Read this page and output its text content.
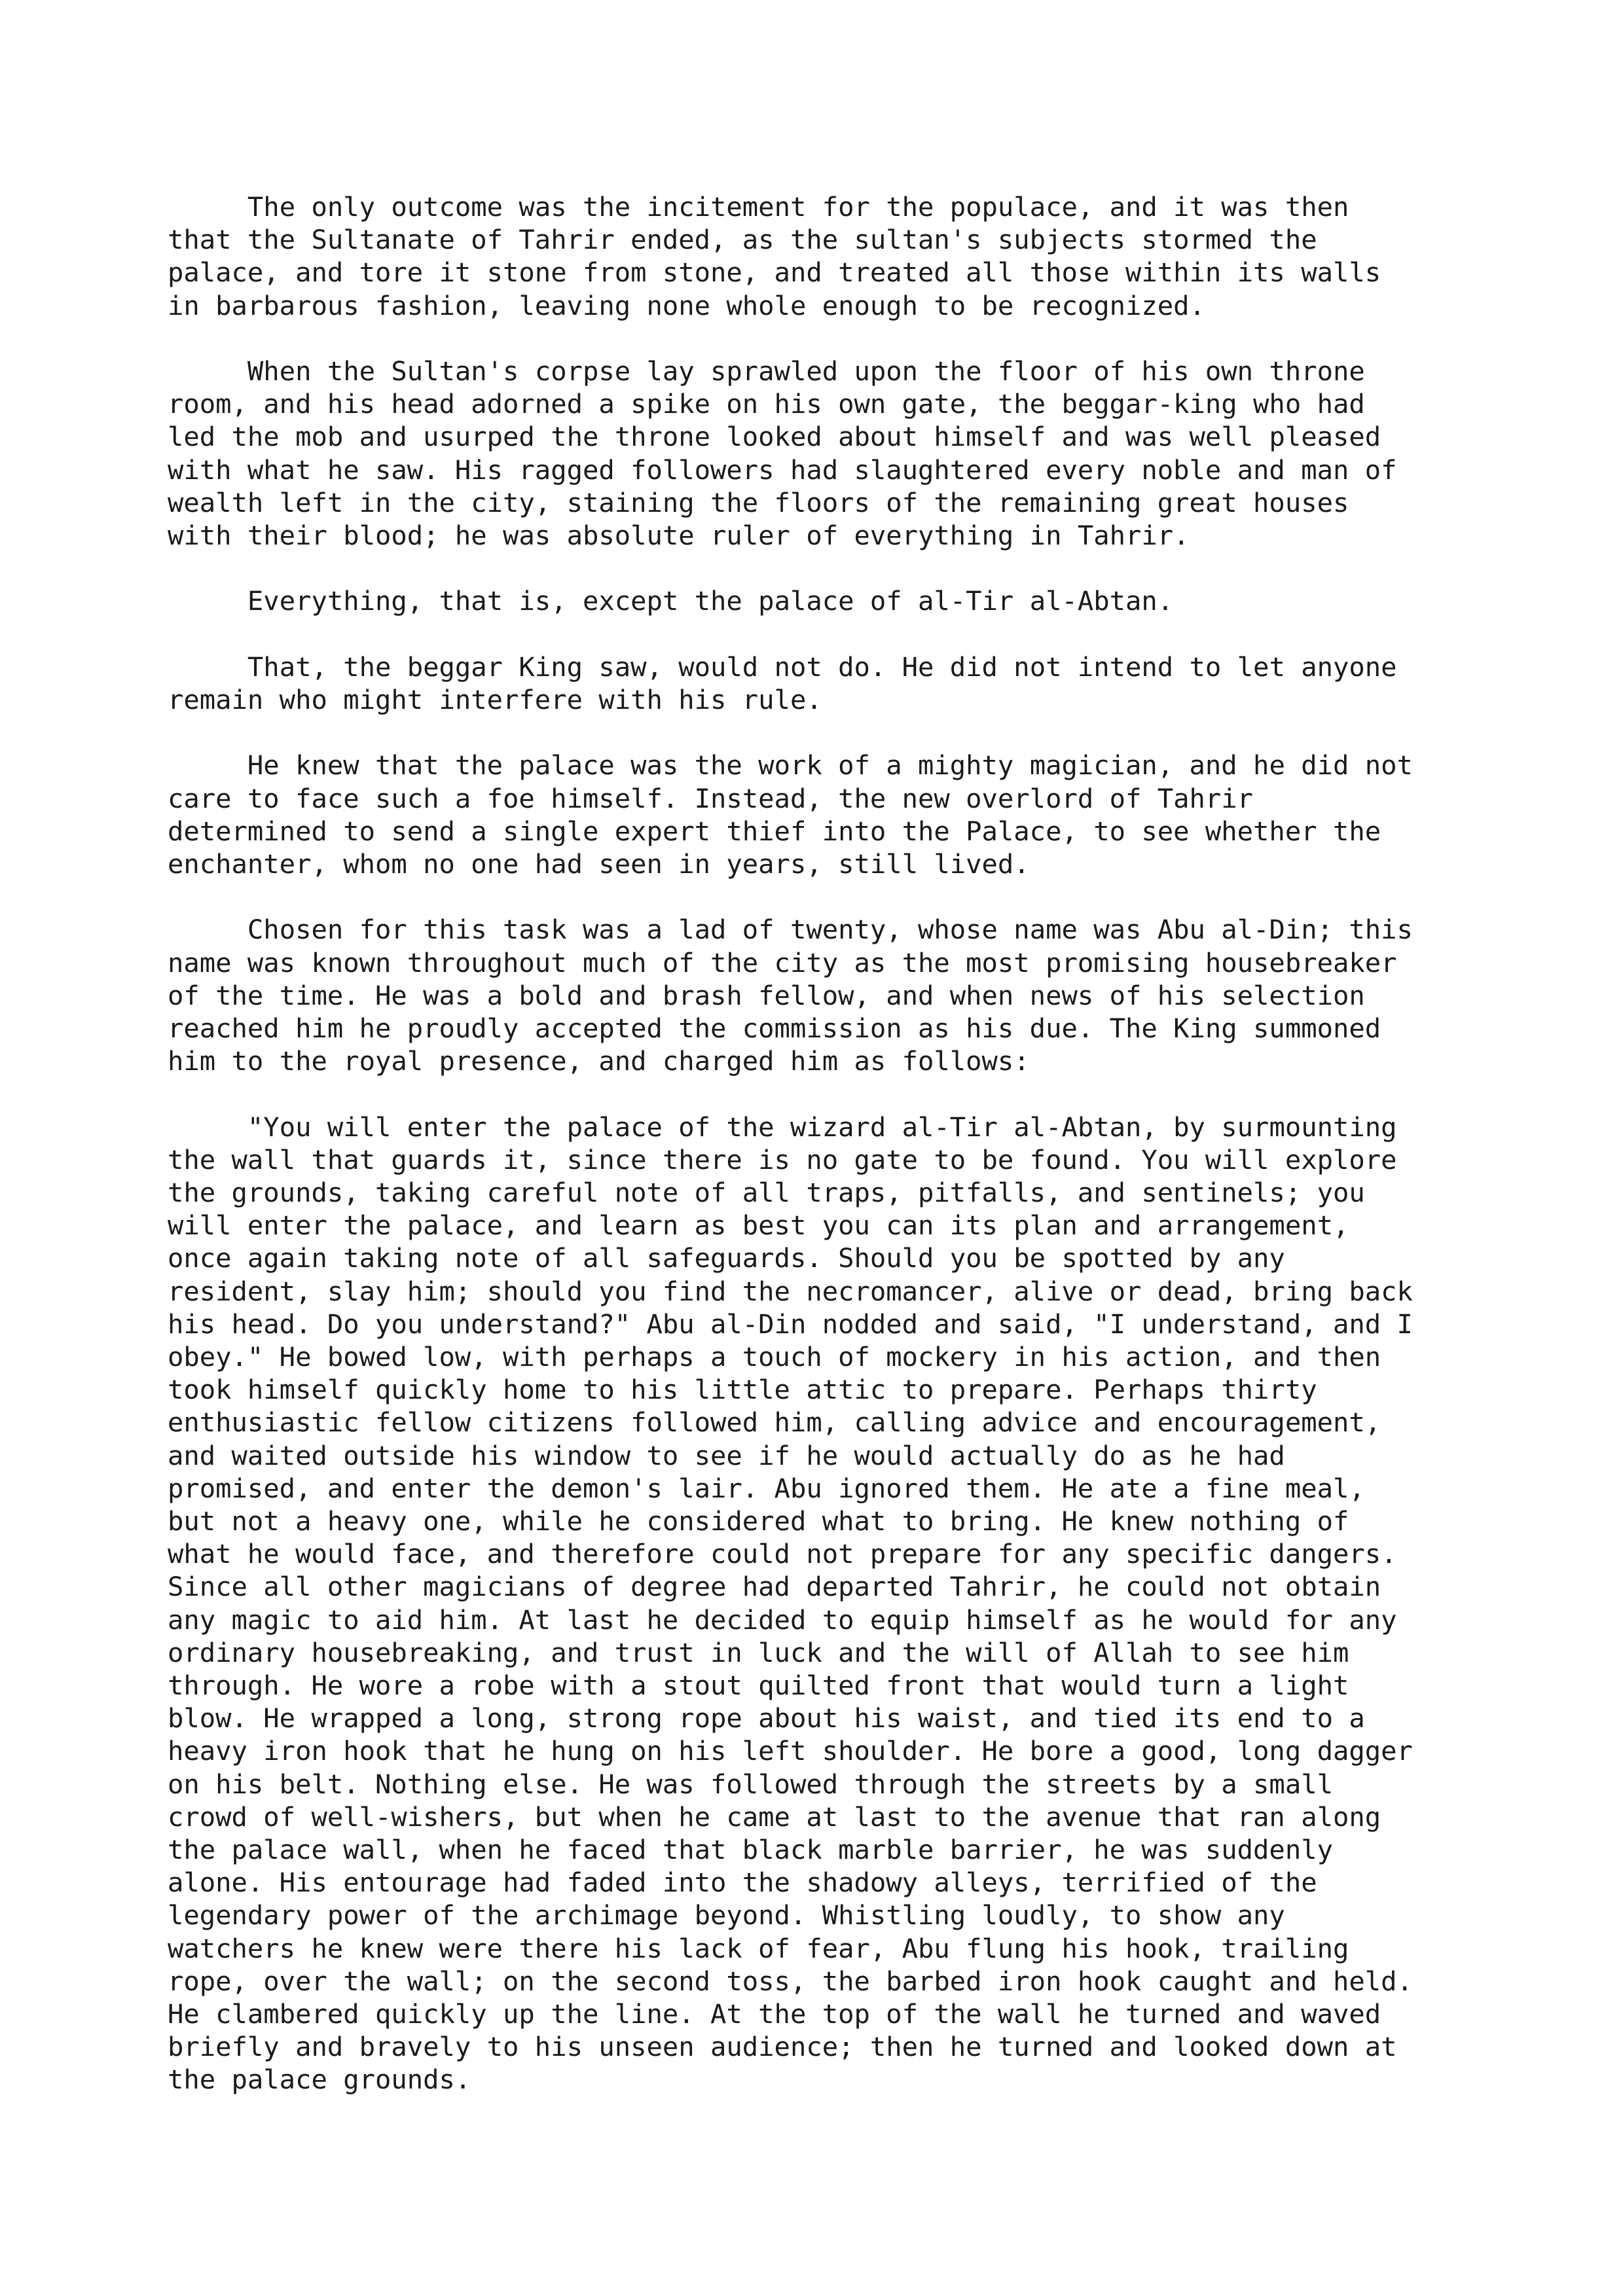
The only outcome was the incitement for the populace, and it was then
that the Sultanate of Tahrir ended, as the sultan's subjects stormed the
palace, and tore it stone from stone, and treated all those within its walls
in barbarous fashion, leaving none whole enough to be recognized.

When the Sultan's corpse lay sprawled upon the floor of his own throne
room, and his head adorned a spike on his own gate, the beggar-king who had
led the mob and usurped the throne looked about himself and was well pleased
with what he saw. His ragged followers had slaughtered every noble and man of
wealth left in the city, staining the floors of the remaining great houses
with their blood; he was absolute ruler of everything in Tahrir.

Everything, that is, except the palace of al-Tir al-Abtan.

That, the beggar King saw, would not do. He did not intend to let anyone
remain who might interfere with his rule.

He knew that the palace was the work of a mighty magician, and he did not
care to face such a foe himself. Instead, the new overlord of Tahrir
determined to send a single expert thief into the Palace, to see whether the
enchanter, whom no one had seen in years, still lived.

Chosen for this task was a lad of twenty, whose name was Abu al-Din; this
name was known throughout much of the city as the most promising housebreaker
of the time. He was a bold and brash fellow, and when news of his selection
reached him he proudly accepted the commission as his due. The King summoned
him to the royal presence, and charged him as follows:

"You will enter the palace of the wizard al-Tir al-Abtan, by surmounting
the wall that guards it, since there is no gate to be found. You will explore
the grounds, taking careful note of all traps, pitfalls, and sentinels; you
will enter the palace, and learn as best you can its plan and arrangement,
once again taking note of all safeguards. Should you be spotted by any
resident, slay him; should you find the necromancer, alive or dead, bring back
his head. Do you understand?" Abu al-Din nodded and said, "I understand, and I
obey." He bowed low, with perhaps a touch of mockery in his action, and then
took himself quickly home to his little attic to prepare. Perhaps thirty
enthusiastic fellow citizens followed him, calling advice and encouragement,
and waited outside his window to see if he would actually do as he had
promised, and enter the demon's lair. Abu ignored them. He ate a fine meal,
but not a heavy one, while he considered what to bring. He knew nothing of
what he would face, and therefore could not prepare for any specific dangers.
Since all other magicians of degree had departed Tahrir, he could not obtain
any magic to aid him. At last he decided to equip himself as he would for any
ordinary housebreaking, and trust in luck and the will of Allah to see him
through. He wore a robe with a stout quilted front that would turn a light
blow. He wrapped a long, strong rope about his waist, and tied its end to a
heavy iron hook that he hung on his left shoulder. He bore a good, long dagger
on his belt. Nothing else. He was followed through the streets by a small
crowd of well-wishers, but when he came at last to the avenue that ran along
the palace wall, when he faced that black marble barrier, he was suddenly
alone. His entourage had faded into the shadowy alleys, terrified of the
legendary power of the archimage beyond. Whistling loudly, to show any
watchers he knew were there his lack of fear, Abu flung his hook, trailing
rope, over the wall; on the second toss, the barbed iron hook caught and held.
He clambered quickly up the line. At the top of the wall he turned and waved
briefly and bravely to his unseen audience; then he turned and looked down at
the palace grounds.
